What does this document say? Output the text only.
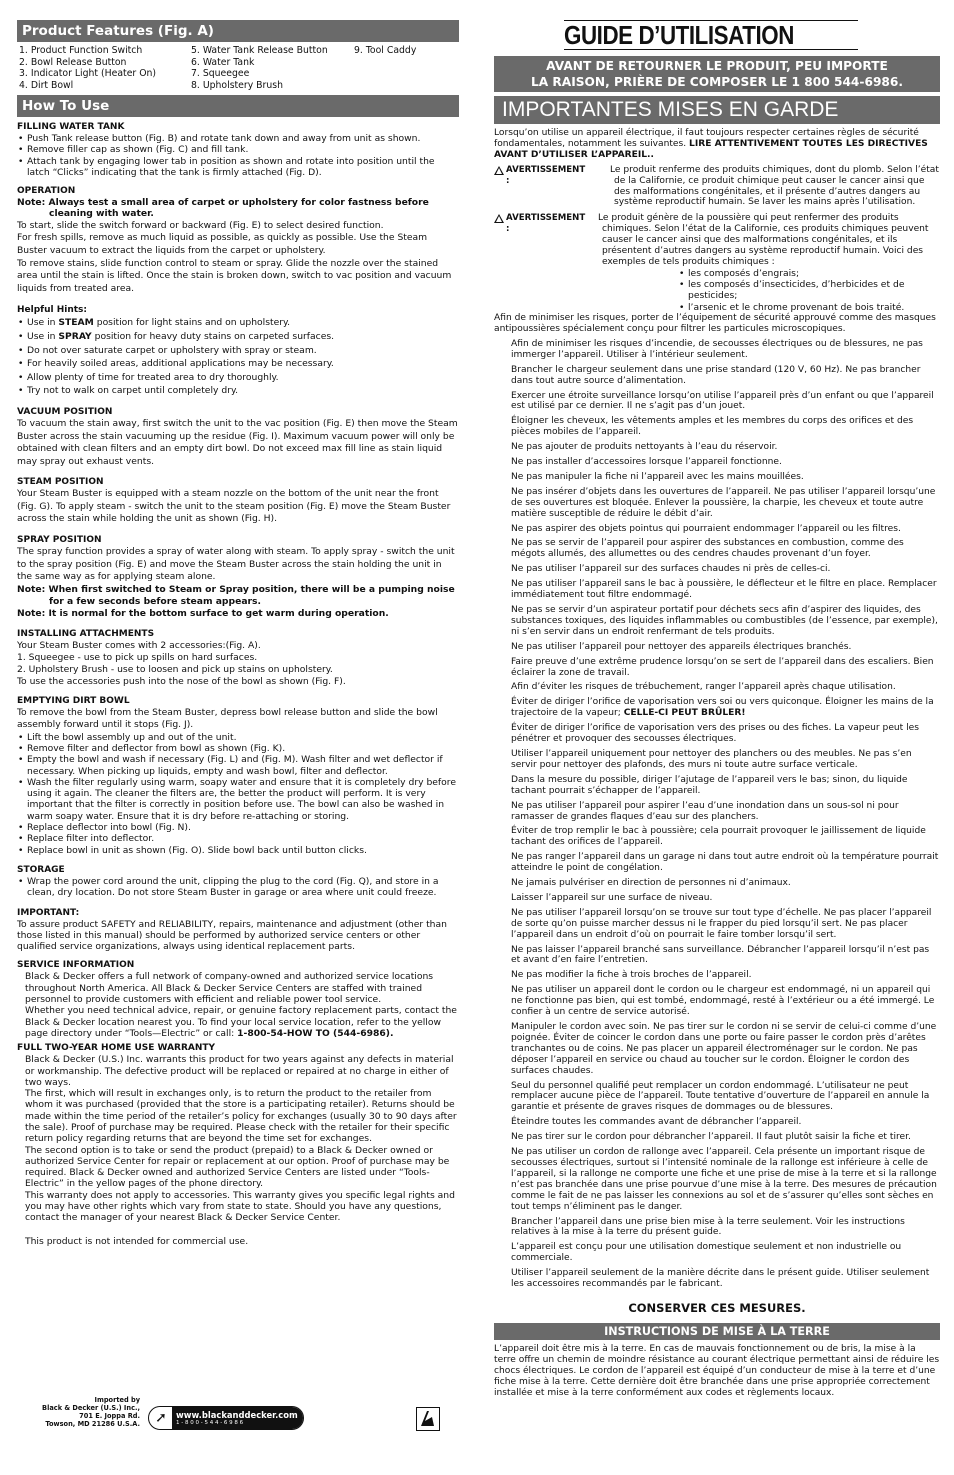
Product Features (Fig. A)
1. Product Function Switch	5. Water Tank Release Button	9. Tool Caddy
2. Bowl Release Button	6. Water Tank
3. Indicator Light (Heater On)	7. Squeegee
4. Dirt Bowl	8. Upholstery Brush
How To Use
FILLING WATER TANK
• Push Tank release button (Fig. B) and rotate tank down and away from unit as shown.
• Remove filler cap as shown (Fig. C) and fill tank.
• Attach tank by engaging lower tab in position as shown and rotate into position until the latch “Clicks” indicating that the tank is firmly attached (Fig. D).
OPERATION
Note: Always test a small area of carpet or upholstery for color fastness before cleaning with water.
To start, slide the switch forward or backward (Fig. E) to select desired function.
For fresh spills, remove as much liquid as possible, as quickly as possible. Use the Steam Buster vacuum to extract the liquids from the carpet or upholstery.
To remove stains, slide function control to steam or spray. Glide the nozzle over the stained area until the stain is lifted. Once the stain is broken down, switch to vac position and vacuum liquids from treated area.
Helpful Hints:
• Use in STEAM position for light stains and on upholstery.
• Use in SPRAY position for heavy duty stains on carpeted surfaces.
• Do not over saturate carpet or upholstery with spray or steam.
• For heavily soiled areas, additional applications may be necessary.
• Allow plenty of time for treated area to dry thoroughly.
• Try not to walk on carpet until completely dry.
VACUUM POSITION
To vacuum the stain away, first switch the unit to the vac position (Fig. E) then move the Steam Buster across the stain vacuuming up the residue (Fig. I). Maximum vacuum power will only be obtained with clean filters and an empty dirt bowl. Do not exceed max fill line as stain liquid may spray out exhaust vents.
STEAM POSITION
Your Steam Buster is equipped with a steam nozzle on the bottom of the unit near the front (Fig. G). To apply steam - switch the unit to the steam position (Fig. E) move the Steam Buster across the stain while holding the unit as shown (Fig. H).
SPRAY POSITION
The spray function provides a spray of water along with steam. To apply spray - switch the unit to the spray position (Fig. E) and move the Steam Buster across the stain holding the unit in the same way as for applying steam alone.
Note: When first switched to Steam or Spray position, there will be a pumping noise for a few seconds before steam appears.
Note: It is normal for the bottom surface to get warm during operation.
INSTALLING ATTACHMENTS
Your Steam Buster comes with 2 accessories:(Fig. A).
1. Squeegee - use to pick up spills on hard surfaces.
2. Upholstery Brush - use to loosen and pick up stains on upholstery.
To use the accessories push into the nose of the bowl as shown (Fig. F).
EMPTYING DIRT BOWL
To remove the bowl from the Steam Buster, depress bowl release button and slide the bowl assembly forward until it stops (Fig. J).
• Lift the bowl assembly up and out of the unit.
• Remove filter and deflector from bowl as shown (Fig. K).
• Empty the bowl and wash if necessary (Fig. L) and (Fig. M). Wash filter and wet deflector if necessary. When picking up liquids, empty and wash bowl, filter and deflector.
• Wash the filter regularly using warm, soapy water and ensure that it is completely dry before using it again. The cleaner the filters are, the better the product will perform. It is very important that the filter is correctly in position before use. The bowl can also be washed in warm soapy water. Ensure that it is dry before re-attaching or storing.
• Replace deflector into bowl (Fig. N).
• Replace filter into deflector.
• Replace bowl in unit as shown (Fig. O). Slide bowl back until button clicks.
STORAGE
• Wrap the power cord around the unit, clipping the plug to the cord (Fig. Q), and store in a clean, dry location. Do not store Steam Buster in garage or area where unit could freeze.
IMPORTANT:
To assure product SAFETY and RELIABILITY, repairs, maintenance and adjustment (other than those listed in this manual) should be performed by authorized service centers or other qualified service organizations, always using identical replacement parts.
SERVICE INFORMATION
Black & Decker offers a full network of company-owned and authorized service locations throughout North America. All Black & Decker Service Centers are staffed with trained personnel to provide customers with efficient and reliable power tool service.
Whether you need technical advice, repair, or genuine factory replacement parts, contact the Black & Decker location nearest you. To find your local service location, refer to the yellow page directory under “Tools—Electric” or call: 1-800-54-HOW TO (544-6986).
FULL TWO-YEAR HOME USE WARRANTY
Black & Decker (U.S.) Inc. warrants this product for two years against any defects in material or workmanship. The defective product will be replaced or repaired at no charge in either of two ways.
The first, which will result in exchanges only, is to return the product to the retailer from whom it was purchased (provided that the store is a participating retailer). Returns should be made within the time period of the retailer’s policy for exchanges (usually 30 to 90 days after the sale). Proof of purchase may be required. Please check with the retailer for their specific return policy regarding returns that are beyond the time set for exchanges.
The second option is to take or send the product (prepaid) to a Black & Decker owned or authorized Service Center for repair or replacement at our option. Proof of purchase may be required. Black & Decker owned and authorized Service Centers are listed under “Tools-Electric” in the yellow pages of the phone directory.
This warranty does not apply to accessories. This warranty gives you specific legal rights and you may have other rights which vary from state to state. Should you have any questions, contact the manager of your nearest Black & Decker Service Center.
This product is not intended for commercial use.
Imported by
Black & Decker (U.S.) Inc.,
701 E. Joppa Rd.
Towson, MD 21286 U.S.A.	➚	www.blackanddecker.com
1 - 8 0 0 - 5 4 4 - 6 9 8 6
GUIDE D’UTILISATION
AVANT DE RETOURNER LE PRODUIT, PEU IMPORTE
LA RAISON, PRIÈRE DE COMPOSER LE 1 800 544-6986.
IMPORTANTES MISES EN GARDE
Lorsqu’on utilise un appareil électrique, il faut toujours respecter certaines règles de sécurité fondamentales, notamment les suivantes. LIRE ATTENTIVEMENT TOUTES LES DIRECTIVES AVANT D’UTILISER L’APPAREIL..
AVERTISSEMENT :
Le produit renferme des produits chimiques, dont du plomb. Selon l’état de la Californie, ce produit chimique peut causer le cancer ainsi que des malformations congénitales, et il présente d’autres dangers au système reproductif humain. Se laver les mains après l’utilisation.
AVERTISSEMENT :
Le produit génère de la poussière qui peut renfermer des produits chimiques. Selon l’état de la Californie, ces produits chimiques peuvent causer le cancer ainsi que des malformations congénitales, et ils présentent d’autres dangers au système reproductif humain. Voici des exemples de tels produits chimiques :
• les composés d’engrais;
• les composés d’insecticides, d’herbicides et de pesticides;
• l’arsenic et le chrome provenant de bois traité.
Afin de minimiser les risques, porter de l’équipement de sécurité approuvé comme des masques antipoussières spécialement conçu pour filtrer les particules microscopiques.
Afin de minimiser les risques d’incendie, de secousses électriques ou de blessures, ne pas immerger l’appareil. Utiliser à l’intérieur seulement.
Brancher le chargeur seulement dans une prise standard (120 V, 60 Hz). Ne pas brancher dans tout autre source d’alimentation.
Exercer une étroite surveillance lorsqu’on utilise l’appareil près d’un enfant ou que l’appareil est utilisé par ce dernier. Il ne s’agit pas d’un jouet.
Éloigner les cheveux, les vêtements amples et les membres du corps des orifices et des pièces mobiles de l’appareil.
Ne pas ajouter de produits nettoyants à l’eau du réservoir.
Ne pas installer d’accessoires lorsque l’appareil fonctionne.
Ne pas manipuler la fiche ni l’appareil avec les mains mouillées.
Ne pas insérer d’objets dans les ouvertures de l’appareil. Ne pas utiliser l’appareil lorsqu’une de ses ouvertures est bloquée. Enlever la poussière, la charpie, les cheveux et toute autre matière susceptible de réduire le débit d’air.
Ne pas aspirer des objets pointus qui pourraient endommager l’appareil ou les filtres.
Ne pas se servir de l’appareil pour aspirer des substances en combustion, comme des mégots allumés, des allumettes ou des cendres chaudes provenant d’un foyer.
Ne pas utiliser l’appareil sur des surfaces chaudes ni près de celles-ci.
Ne pas utiliser l’appareil sans le bac à poussière, le déflecteur et le filtre en place. Remplacer immédiatement tout filtre endommagé.
Ne pas se servir d’un aspirateur portatif pour déchets secs afin d’aspirer des liquides, des substances toxiques, des liquides inflammables ou combustibles (de l’essence, par exemple), ni s’en servir dans un endroit renfermant de tels produits.
Ne pas utiliser l’appareil pour nettoyer des appareils électriques branchés.
Faire preuve d’une extrême prudence lorsqu’on se sert de l’appareil dans des escaliers. Bien éclairer la zone de travail.
Afin d’éviter les risques de trébuchement, ranger l’appareil après chaque utilisation.
Éviter de diriger l’orifice de vaporisation vers soi ou vers quiconque. Éloigner les mains de la trajectoire de la vapeur; CELLE-CI PEUT BRÛLER!
Éviter de diriger l’orifice de vaporisation vers des prises ou des fiches. La vapeur peut les pénétrer et provoquer des secousses électriques.
Utiliser l’appareil uniquement pour nettoyer des planchers ou des meubles. Ne pas s’en servir pour nettoyer des plafonds, des murs ni toute autre surface verticale.
Dans la mesure du possible, diriger l’ajutage de l’appareil vers le bas; sinon, du liquide tachant pourrait s’échapper de l’appareil.
Ne pas utiliser l’appareil pour aspirer l’eau d’une inondation dans un sous-sol ni pour ramasser de grandes flaques d’eau sur des planchers.
Éviter de trop remplir le bac à poussière; cela pourrait provoquer le jaillissement de liquide tachant des orifices de l’appareil.
Ne pas ranger l’appareil dans un garage ni dans tout autre endroit où la température pourrait atteindre le point de congélation.
Ne jamais pulvériser en direction de personnes ni d’animaux.
Laisser l’appareil sur une surface de niveau.
Ne pas utiliser l’appareil lorsqu’on se trouve sur tout type d’échelle. Ne pas placer l’appareil de sorte qu’on puisse marcher dessus ni le frapper du pied lorsqu’il sert. Ne pas placer l’appareil dans un endroit d’où on pourrait le faire tomber lorsqu’il sert.
Ne pas laisser l’appareil branché sans surveillance. Débrancher l’appareil lorsqu’il n’est pas et avant d’en faire l’entretien.
Ne pas modifier la fiche à trois broches de l’appareil.
Ne pas utiliser un appareil dont le cordon ou le chargeur est endommagé, ni un appareil qui ne fonctionne pas bien, qui est tombé, endommagé, resté à l’extérieur ou a été immergé. Le confier à un centre de service autorisé.
Manipuler le cordon avec soin. Ne pas tirer sur le cordon ni se servir de celui-ci comme d’une poignée. Éviter de coincer le cordon dans une porte ou faire passer le cordon près d’arêtes tranchantes ou de coins. Ne pas placer un appareil électroménager sur le cordon. Ne pas déposer l’appareil en service ou chaud au toucher sur le cordon. Éloigner le cordon des surfaces chaudes.
Seul du personnel qualifié peut remplacer un cordon endommagé. L’utilisateur ne peut remplacer aucune pièce de l’appareil. Toute tentative d’ouverture de l’appareil en annule la garantie et présente de graves risques de dommages ou de blessures.
Éteindre toutes les commandes avant de débrancher l’appareil.
Ne pas tirer sur le cordon pour débrancher l’appareil. Il faut plutôt saisir la fiche et tirer.
Ne pas utiliser un cordon de rallonge avec l’appareil. Cela présente un important risque de secousses électriques, surtout si l’intensité nominale de la rallonge est inférieure à celle de l’appareil, si la rallonge ne comporte une fiche et une prise de mise à la terre et si la rallonge n’est pas branchée dans une prise pourvue d’une mise à la terre. Des mesures de précaution comme le fait de ne pas laisser les connexions au sol et de s’assurer qu’elles sont sèches en tout temps n’éliminent pas le danger.
Brancher l’appareil dans une prise bien mise à la terre seulement. Voir les instructions relatives à la mise à la terre du présent guide.
L’appareil est conçu pour une utilisation domestique seulement et non industrielle ou commerciale.
Utiliser l’appareil seulement de la manière décrite dans le présent guide. Utiliser seulement les accessoires recommandés par le fabricant.
CONSERVER CES MESURES.
INSTRUCTIONS DE MISE À LA TERRE
L’appareil doit être mis à la terre. En cas de mauvais fonctionnement ou de bris, la mise à la terre offre un chemin de moindre résistance au courant électrique permettant ainsi de réduire les chocs électriques. Le cordon de l’appareil est équipé d’un conducteur de mise à la terre et d’une fiche mise à la terre. Cette dernière doit être branchée dans une prise appropriée correctement installée et mise à la terre conformément aux codes et règlements locaux.
